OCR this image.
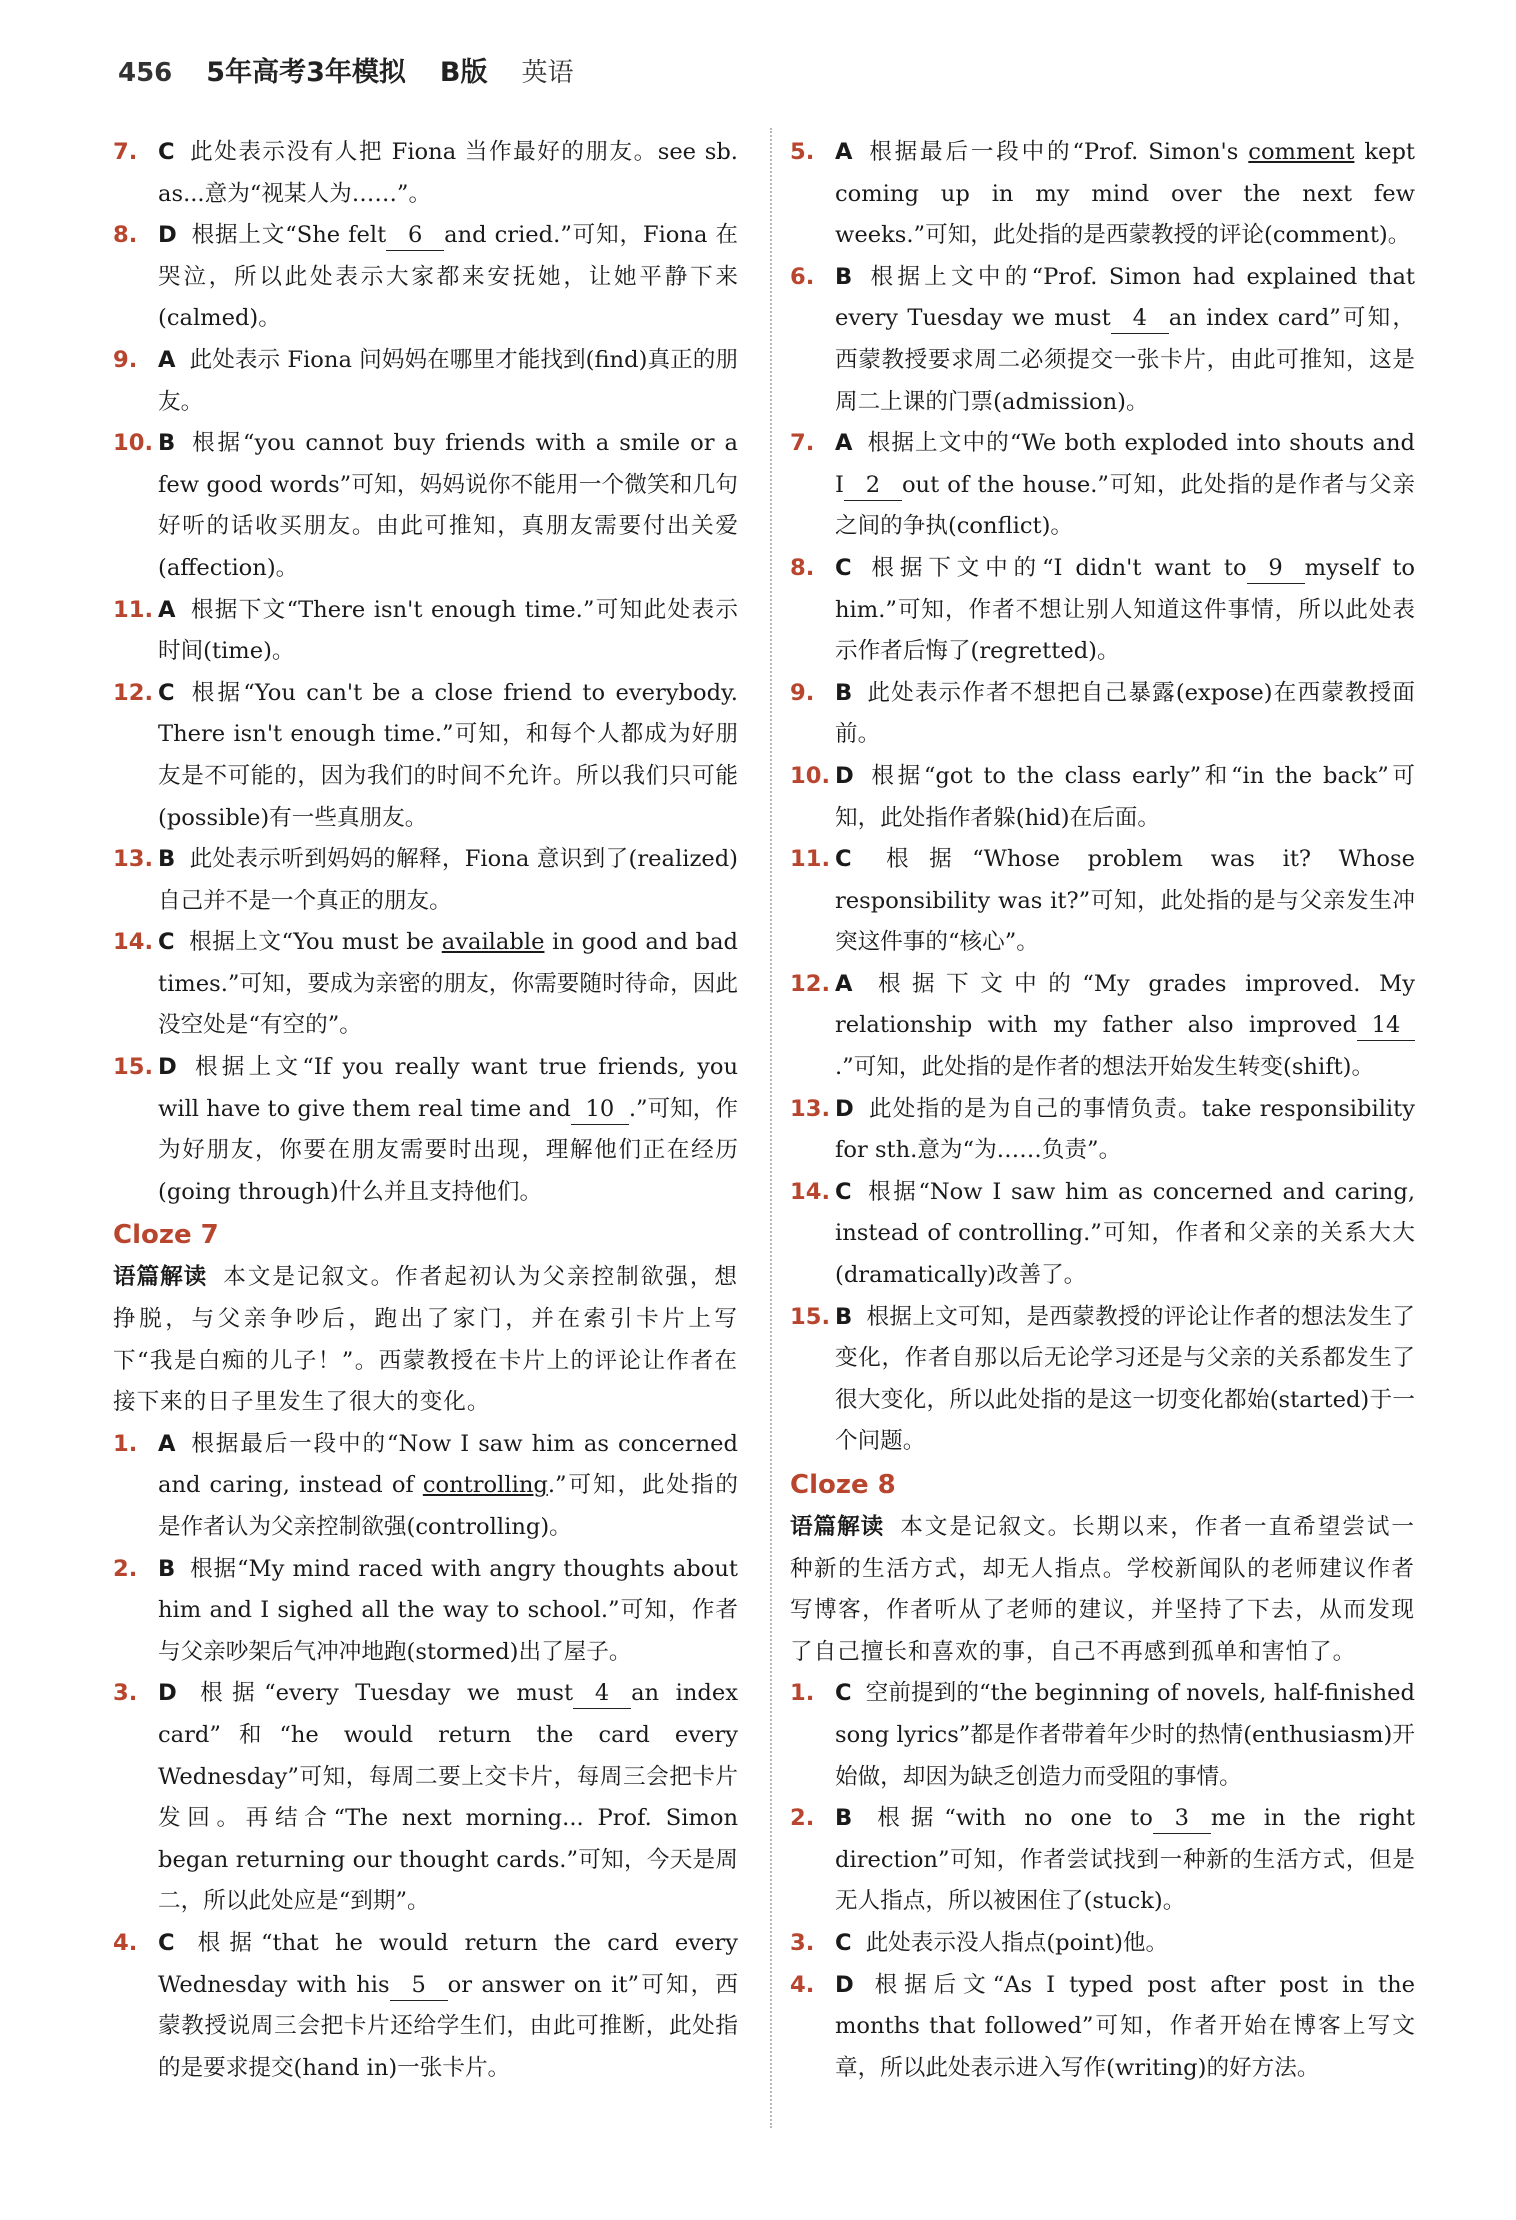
456 5年高考3年模拟 B版 英语

7. C 此处表示没有人把 Fiona 当作最好的朋友。see sb. as...意为“视某人为……”。

8. D 根据上文“She felt 6 and cried.”可知，Fiona 在哭泣，所以此处表示大家都来安抚她，让她平静下来(calmed)。

9. A 此处表示 Fiona 问妈妈在哪里才能找到(find)真正的朋友。

10. B 根据“you cannot buy friends with a smile or a few good words”可知，妈妈说你不能用一个微笑和几句好听的话收买朋友。由此可推知，真朋友需要付出关爱(affection)。

11. A 根据下文“There isn't enough time.”可知此处表示时间(time)。

12. C 根据“You can't be a close friend to everybody. There isn't enough time.”可知，和每个人都成为好朋友是不可能的，因为我们的时间不允许。所以我们只可能(possible)有一些真朋友。

13. B 此处表示听到妈妈的解释，Fiona 意识到了(realized)自己并不是一个真正的朋友。

14. C 根据上文“You must be available in good and bad times.”可知，要成为亲密的朋友，你需要随时待命，因此没空处是“有空的”。

15. D 根据上文“If you really want true friends, you will have to give them real time and 10 .”可知，作为好朋友，你要在朋友需要时出现，理解他们正在经历(going through)什么并且支持他们。

Cloze 7

语篇解读 本文是记叙文。作者起初认为父亲控制欲强，想挣脱，与父亲争吵后，跑出了家门，并在索引卡片上写下“我是白痴的儿子！”。西蒙教授在卡片上的评论让作者在接下来的日子里发生了很大的变化。

1. A 根据最后一段中的“Now I saw him as concerned and caring, instead of controlling.”可知，此处指的是作者认为父亲控制欲强(controlling)。

2. B 根据“My mind raced with angry thoughts about him and I sighed all the way to school.”可知，作者与父亲吵架后气冲冲地跑(stormed)出了屋子。

3. D 根据“every Tuesday we must 4 an index card”和“he would return the card every Wednesday”可知，每周二要上交卡片，每周三会把卡片发回。再结合“The next morning... Prof. Simon began returning our thought cards.”可知，今天是周二，所以此处应是“到期”。

4. C 根据“that he would return the card every Wednesday with his 5 or answer on it”可知，西蒙教授说周三会把卡片还给学生们，由此可推断，此处指的是要求提交(hand in)一张卡片。

5. A 根据最后一段中的“Prof. Simon's comment kept coming up in my mind over the next few weeks.”可知，此处指的是西蒙教授的评论(comment)。

6. B 根据上文中的“Prof. Simon had explained that every Tuesday we must 4 an index card”可知，西蒙教授要求周二必须提交一张卡片，由此可推知，这是周二上课的门票(admission)。

7. A 根据上文中的“We both exploded into shouts and I 2 out of the house.”可知，此处指的是作者与父亲之间的争执(conflict)。

8. C 根据下文中的“I didn't want to 9 myself to him.”可知，作者不想让别人知道这件事情，所以此处表示作者后悔了(regretted)。

9. B 此处表示作者不想把自己暴露(expose)在西蒙教授面前。

10. D 根据“got to the class early”和“in the back”可知，此处指作者躲(hid)在后面。

11. C 根据“Whose problem was it? Whose responsibility was it?”可知，此处指的是与父亲发生冲突这件事的“核心”。

12. A 根据下文中的“My grades improved. My relationship with my father also improved 14.”可知，此处指的是作者的想法开始发生转变(shift)。

13. D 此处指的是为自己的事情负责。take responsibility for sth.意为“为……负责”。

14. C 根据“Now I saw him as concerned and caring, instead of controlling.”可知，作者和父亲的关系大大(dramatically)改善了。

15. B 根据上文可知，是西蒙教授的评论让作者的想法发生了变化，作者自那以后无论学习还是与父亲的关系都发生了很大变化，所以此处指的是这一切变化都始(started)于一个问题。

Cloze 8

语篇解读 本文是记叙文。长期以来，作者一直希望尝试一种新的生活方式，却无人指点。学校新闻队的老师建议作者写博客，作者听从了老师的建议，并坚持了下去，从而发现了自己擅长和喜欢的事，自己不再感到孤单和害怕了。

1. C 空前提到的“the beginning of novels, half-finished song lyrics”都是作者带着年少时的热情(enthusiasm)开始做，却因为缺乏创造力而受阻的事情。

2. B 根据“with no one to 3 me in the right direction”可知，作者尝试找到一种新的生活方式，但是无人指点，所以被困住了(stuck)。

3. C 此处表示没人指点(point)他。

4. D 根据后文“As I typed post after post in the months that followed”可知，作者开始在博客上写文章，所以此处表示进入写作(writing)的好方法。
